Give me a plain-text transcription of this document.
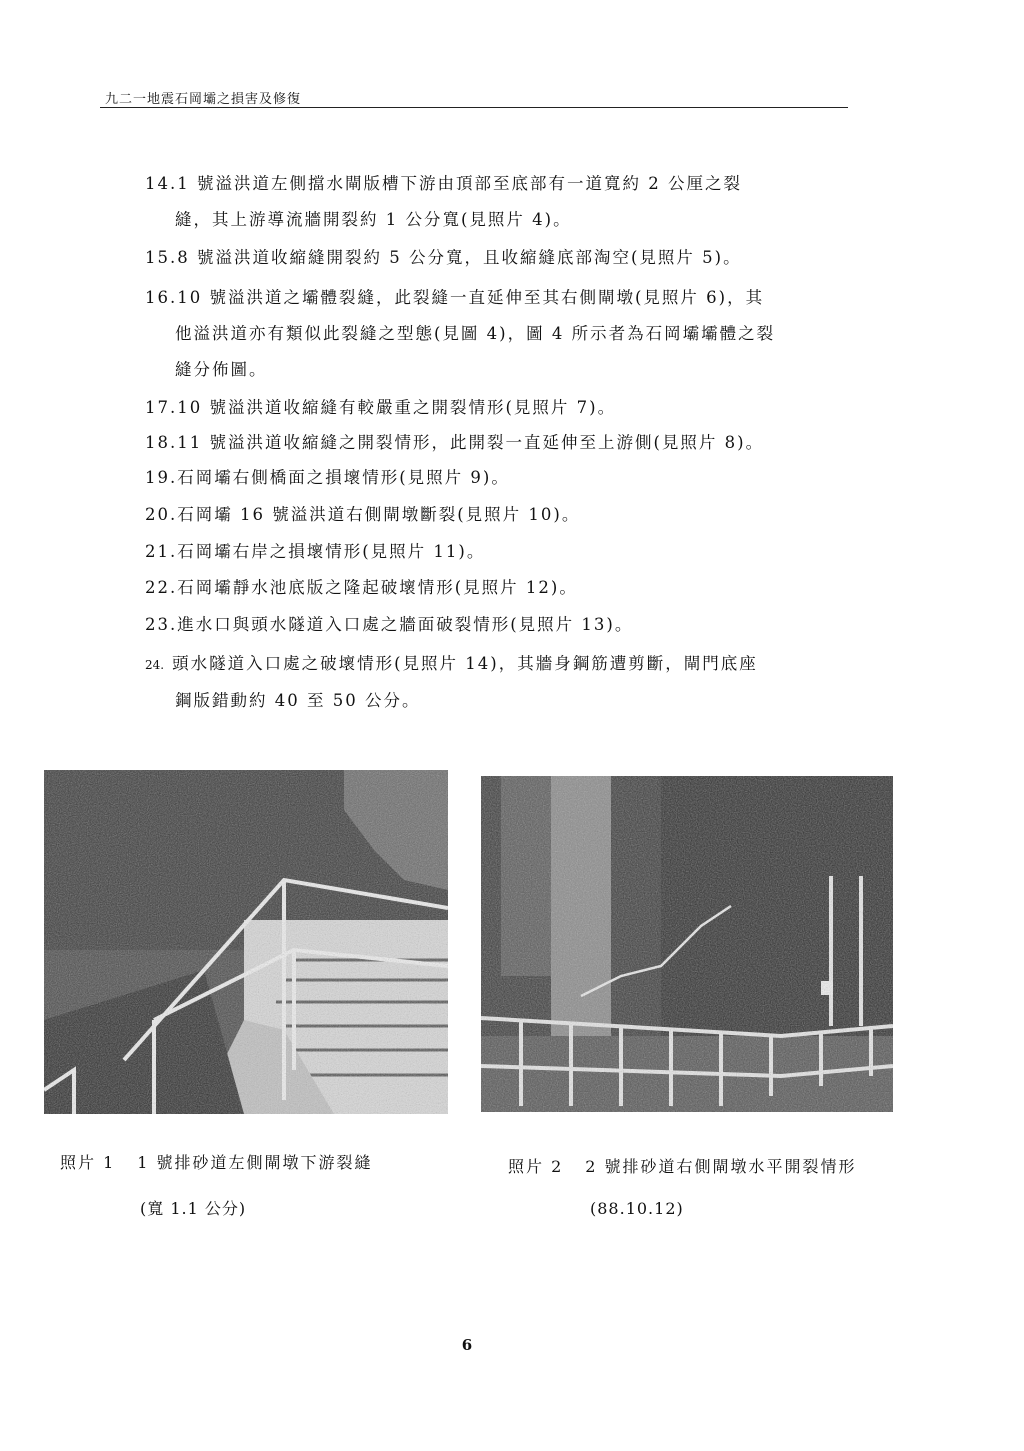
九二一地震石岡壩之損害及修復
14.1 號溢洪道左側擋水閘版槽下游由頂部至底部有一道寬約 2 公厘之裂
縫，其上游導流牆開裂約 1 公分寬(見照片 4)。
15.8 號溢洪道收縮縫開裂約 5 公分寬，且收縮縫底部淘空(見照片 5)。
16.10 號溢洪道之壩體裂縫，此裂縫一直延伸至其右側閘墩(見照片 6)，其
他溢洪道亦有類似此裂縫之型態(見圖 4)，圖 4 所示者為石岡壩壩體之裂
縫分佈圖。
17.10 號溢洪道收縮縫有較嚴重之開裂情形(見照片 7)。
18.11 號溢洪道收縮縫之開裂情形，此開裂一直延伸至上游側(見照片 8)。
19.石岡壩右側橋面之損壞情形(見照片 9)。
20.石岡壩 16 號溢洪道右側閘墩斷裂(見照片 10)。
21.石岡壩右岸之損壞情形(見照片 11)。
22.石岡壩靜水池底版之隆起破壞情形(見照片 12)。
23.進水口與頭水隧道入口處之牆面破裂情形(見照片 13)。
24. 頭水隧道入口處之破壞情形(見照片 14)，其牆身鋼筋遭剪斷，閘門底座
鋼版錯動約 40 至 50 公分。
照片 1 1 號排砂道左側閘墩下游裂縫
(寬 1.1 公分)
照片 2 2 號排砂道右側閘墩水平開裂情形
(88.10.12)
6
